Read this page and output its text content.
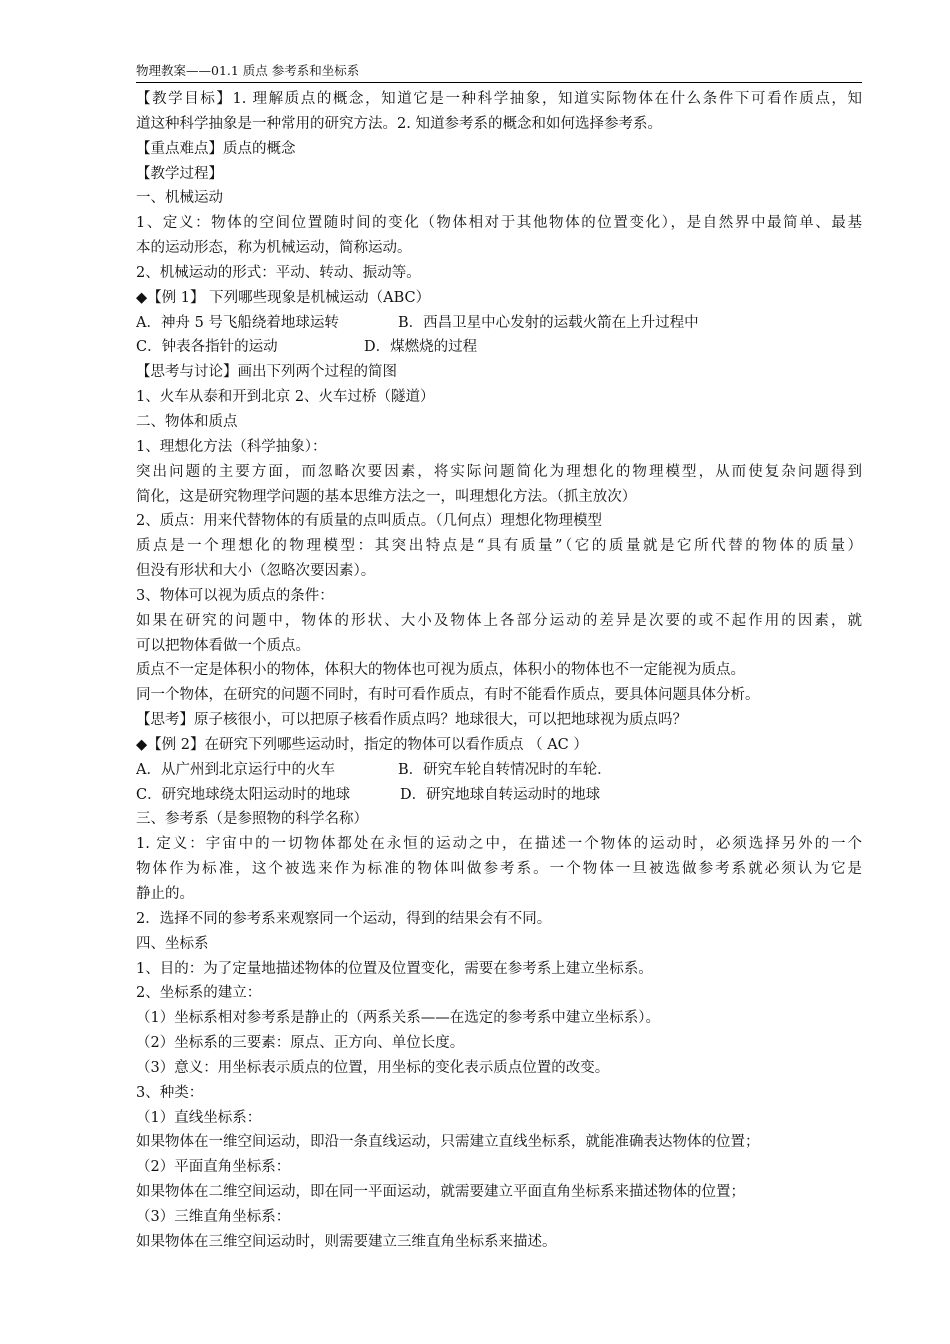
物理教案——01.1 质点 参考系和坐标系
【教学目标】1. 理解质点的概念，知道它是一种科学抽象，知道实际物体在什么条件下可看作质点，知
道这种科学抽象是一种常用的研究方法。2. 知道参考系的概念和如何选择参考系。
【重点难点】质点的概念
【教学过程】
一、机械运动
1、定义：物体的空间位置随时间的变化（物体相对于其他物体的位置变化），是自然界中最简单、最基
本的运动形态，称为机械运动，简称运动。
2、机械运动的形式：平动、转动、振动等。
◆【例 1】 下列哪些现象是机械运动（ABC）
A．神舟 5 号飞船绕着地球运转	B．西昌卫星中心发射的运载火箭在上升过程中
C．钟表各指针的运动	D．煤燃烧的过程
【思考与讨论】画出下列两个过程的简图
1、火车从泰和开到北京 2、火车过桥（隧道）
二、物体和质点
1、理想化方法（科学抽象）：
突出问题的主要方面，而忽略次要因素，将实际问题简化为理想化的物理模型，从而使复杂问题得到
简化，这是研究物理学问题的基本思维方法之一，叫理想化方法。（抓主放次）
2、质点：用来代替物体的有质量的点叫质点。（几何点）理想化物理模型
质点是一个理想化的物理模型：其突出特点是“具有质量”（它的质量就是它所代替的物体的质量）
但没有形状和大小（忽略次要因素）。
3、物体可以视为质点的条件：
如果在研究的问题中，物体的形状、大小及物体上各部分运动的差异是次要的或不起作用的因素，就
可以把物体看做一个质点。
质点不一定是体积小的物体，体积大的物体也可视为质点，体积小的物体也不一定能视为质点。
同一个物体，在研究的问题不同时，有时可看作质点，有时不能看作质点，要具体问题具体分析。
【思考】原子核很小，可以把原子核看作质点吗？地球很大，可以把地球视为质点吗？
◆【例 2】在研究下列哪些运动时，指定的物体可以看作质点 （ AC ）
A．从广州到北京运行中的火车	B．研究车轮自转情况时的车轮．
C．研究地球绕太阳运动时的地球	D．研究地球自转运动时的地球
三、参考系（是参照物的科学名称）
1. 定义：宇宙中的一切物体都处在永恒的运动之中，在描述一个物体的运动时，必须选择另外的一个
物体作为标准，这个被选来作为标准的物体叫做参考系。一个物体一旦被选做参考系就必须认为它是
静止的。
2．选择不同的参考系来观察同一个运动，得到的结果会有不同。
四、坐标系
1、目的：为了定量地描述物体的位置及位置变化，需要在参考系上建立坐标系。
2、坐标系的建立：
（1）坐标系相对参考系是静止的（两系关系——在选定的参考系中建立坐标系）。
（2）坐标系的三要素：原点、正方向、单位长度。
（3）意义：用坐标表示质点的位置，用坐标的变化表示质点位置的改变。
3、种类：
（1）直线坐标系：
如果物体在一维空间运动，即沿一条直线运动，只需建立直线坐标系，就能准确表达物体的位置；
（2）平面直角坐标系：
如果物体在二维空间运动，即在同一平面运动，就需要建立平面直角坐标系来描述物体的位置；
（3）三维直角坐标系：
如果物体在三维空间运动时，则需要建立三维直角坐标系来描述。
